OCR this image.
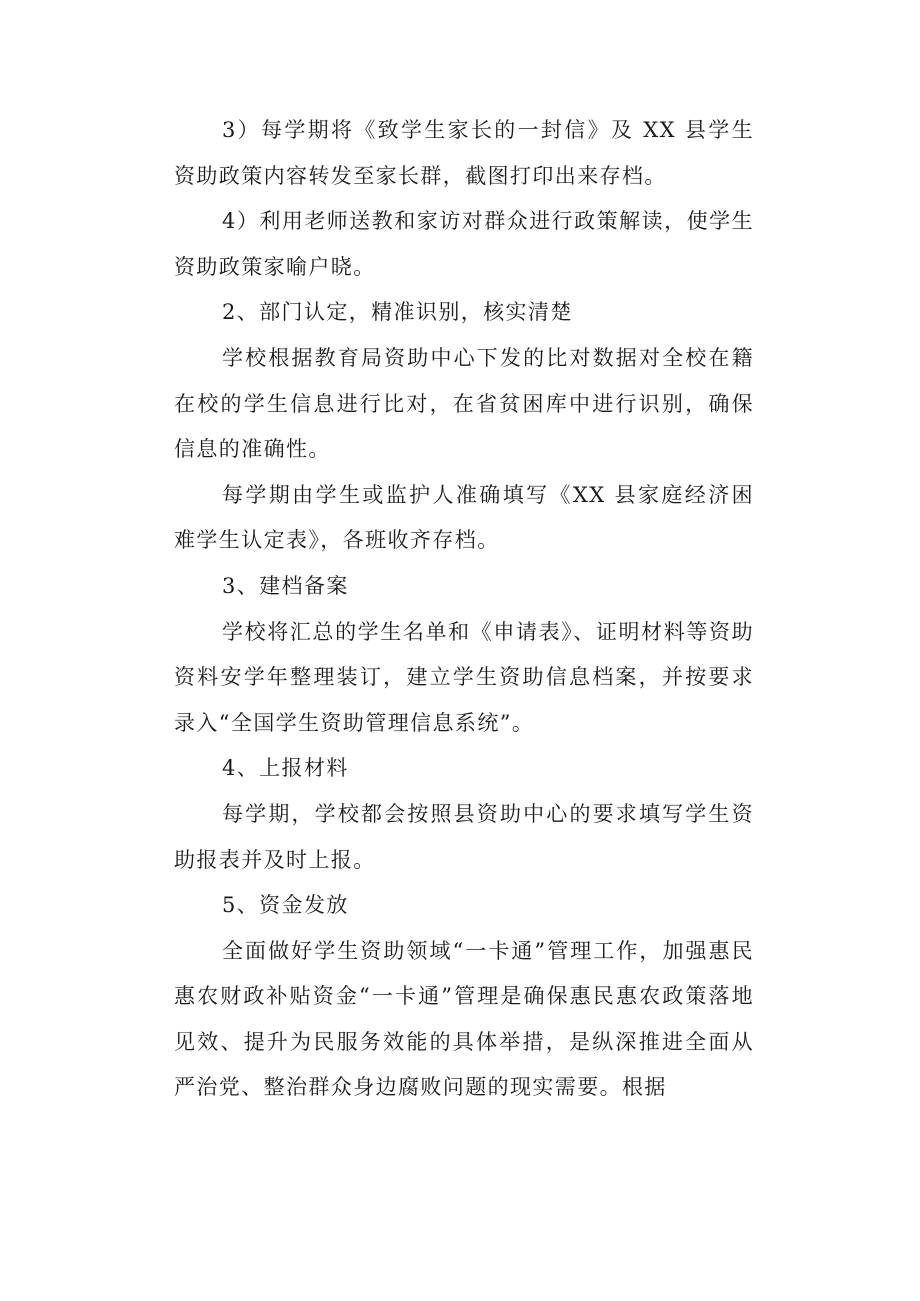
3）每学期将《致学生家长的一封信》及 XX 县学生资助政策内容转发至家长群，截图打印出来存档。

4）利用老师送教和家访对群众进行政策解读，使学生资助政策家喻户晓。

2、部门认定，精准识别，核实清楚

学校根据教育局资助中心下发的比对数据对全校在籍在校的学生信息进行比对，在省贫困库中进行识别，确保信息的准确性。

每学期由学生或监护人准确填写《XX 县家庭经济困难学生认定表》，各班收齐存档。

3、建档备案

学校将汇总的学生名单和《申请表》、证明材料等资助资料安学年整理装订，建立学生资助信息档案，并按要求录入“全国学生资助管理信息系统”。

4、上报材料

每学期，学校都会按照县资助中心的要求填写学生资助报表并及时上报。

5、资金发放

全面做好学生资助领域“一卡通”管理工作，加强惠民惠农财政补贴资金“一卡通”管理是确保惠民惠农政策落地见效、提升为民服务效能的具体举措，是纵深推进全面从严治党、整治群众身边腐败问题的现实需要。根据
